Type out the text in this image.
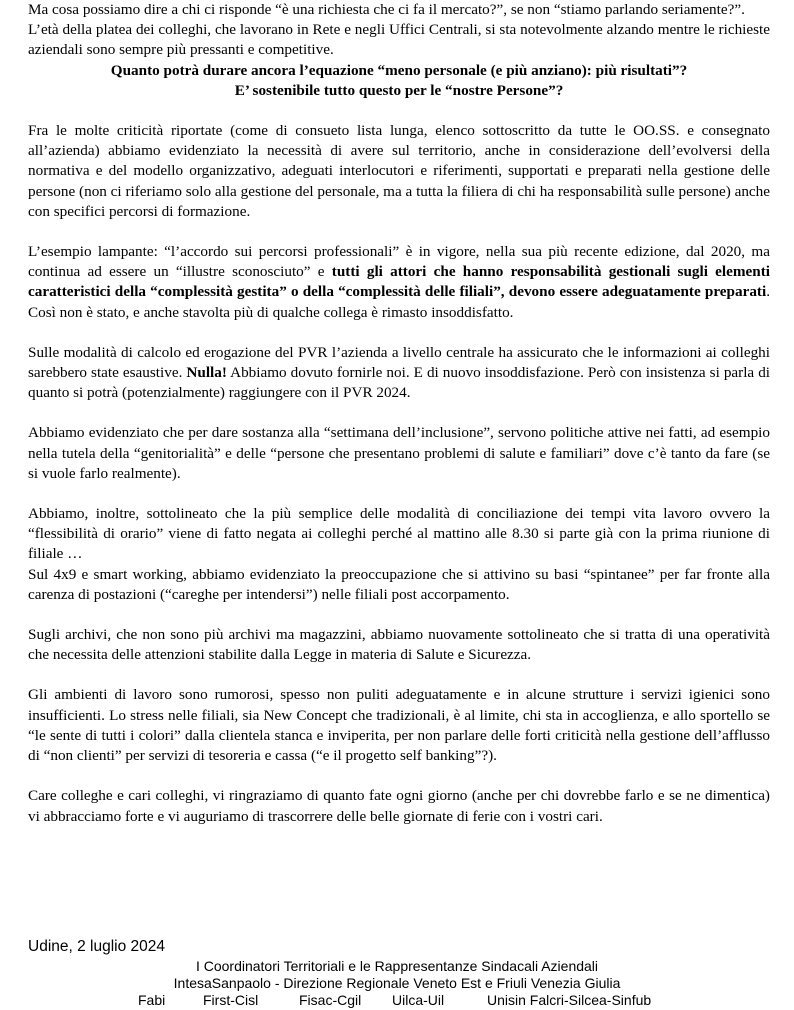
Ma cosa possiamo dire a chi ci risponde “è una richiesta che ci fa il mercato?”, se non “stiamo parlando seriamente?”.

L’età della platea dei colleghi, che lavorano in Rete e negli Uffici Centrali, si sta notevolmente alzando mentre le richieste aziendali sono sempre più pressanti e competitive.

Quanto potrà durare ancora l’equazione “meno personale (e più anziano): più risultati”?

E’ sostenibile tutto questo per le “nostre Persone”?

Fra le molte criticità riportate (come di consueto lista lunga, elenco sottoscritto da tutte le OO.SS. e consegnato all’azienda) abbiamo evidenziato la necessità di avere sul territorio, anche in considerazione dell’evolversi della normativa e del modello organizzativo, adeguati interlocutori e riferimenti, supportati e preparati nella gestione delle persone (non ci riferiamo solo alla gestione del personale, ma a tutta la filiera di chi ha responsabilità sulle persone) anche con specifici percorsi di formazione.

L’esempio lampante: “l’accordo sui percorsi professionali” è in vigore, nella sua più recente edizione, dal 2020, ma continua ad essere un “illustre sconosciuto” e tutti gli attori che hanno responsabilità gestionali sugli elementi caratteristici della “complessità gestita” o della “complessità delle filiali”, devono essere adeguatamente preparati. Così non è stato, e anche stavolta più di qualche collega è rimasto insoddisfatto.

Sulle modalità di calcolo ed erogazione del PVR l’azienda a livello centrale ha assicurato che le informazioni ai colleghi sarebbero state esaustive. Nulla! Abbiamo dovuto fornirle noi. E di nuovo insoddisfazione. Però con insistenza si parla di quanto si potrà (potenzialmente) raggiungere con il PVR 2024.

Abbiamo evidenziato che per dare sostanza alla “settimana dell’inclusione”, servono politiche attive nei fatti, ad esempio nella tutela della “genitorialità” e delle “persone che presentano problemi di salute e familiari” dove c’è tanto da fare (se si vuole farlo realmente).

Abbiamo, inoltre, sottolineato che la più semplice delle modalità di conciliazione dei tempi vita lavoro ovvero la “flessibilità di orario” viene di fatto negata ai colleghi perché al mattino alle 8.30 si parte già con la prima riunione di filiale …

Sul 4x9 e smart working, abbiamo evidenziato la preoccupazione che si attivino su basi “spintanee” per far fronte alla carenza di postazioni (“careghe per intendersi”) nelle filiali post accorpamento.

Sugli archivi, che non sono più archivi ma magazzini, abbiamo nuovamente sottolineato che si tratta di una operatività che necessita delle attenzioni stabilite dalla Legge in materia di Salute e Sicurezza.

Gli ambienti di lavoro sono rumorosi, spesso non puliti adeguatamente e in alcune strutture i servizi igienici sono insufficienti. Lo stress nelle filiali, sia New Concept che tradizionali, è al limite, chi sta in accoglienza, e allo sportello se “le sente di tutti i colori” dalla clientela stanca e inviperita, per non parlare delle forti criticità nella gestione dell’afflusso di “non clienti” per servizi di tesoreria e cassa (“e il progetto self banking”?).

Care colleghe e cari colleghi, vi ringraziamo di quanto fate ogni giorno (anche per chi dovrebbe farlo e se ne dimentica) vi abbracciamo forte e vi auguriamo di trascorrere delle belle giornate di ferie con i vostri cari.

Udine, 2 luglio 2024
I Coordinatori Territoriali e le Rappresentanze Sindacali Aziendali
IntesaSanpaolo - Direzione Regionale Veneto Est e Friuli Venezia Giulia
Fabi	First-Cisl	Fisac-Cgil Uilca-Uil	Unisin Falcri-Silcea-Sinfub
